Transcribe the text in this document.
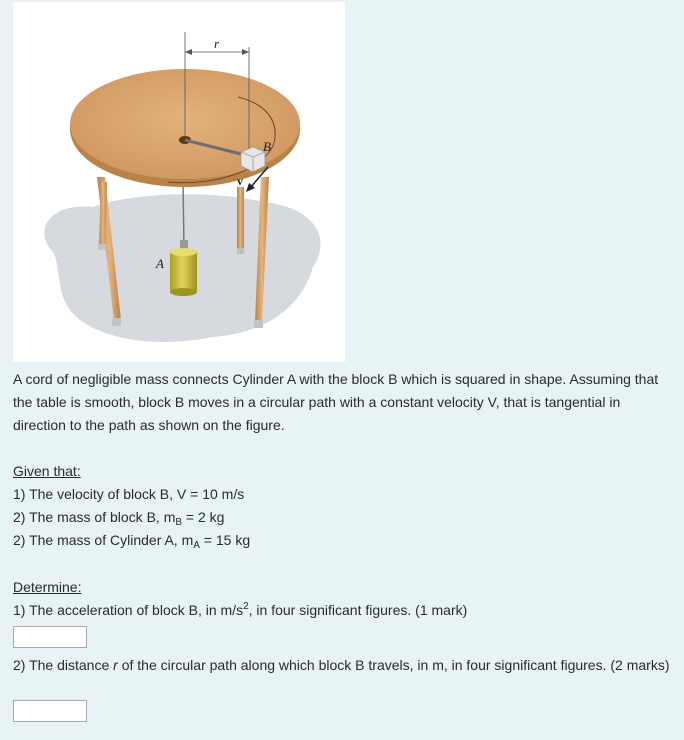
r
B
v
A
A cord of negligible mass connects Cylinder A with the block B which is squared in shape. Assuming that the table is smooth, block B moves in a circular path with a constant velocity V, that is tangential in direction to the path as shown on the figure.
Given that:
1) The velocity of block B, V = 10 m/s
2) The mass of block B, $m_B = 2$ kg
2) The mass of Cylinder A, $m_A = 15$ kg
Determine:
1) The acceleration of block B, in $m/s^2$, in four significant figures. (1 mark)
2) The distance r of the circular path along which block B travels, in m, in four significant figures. (2 marks)
